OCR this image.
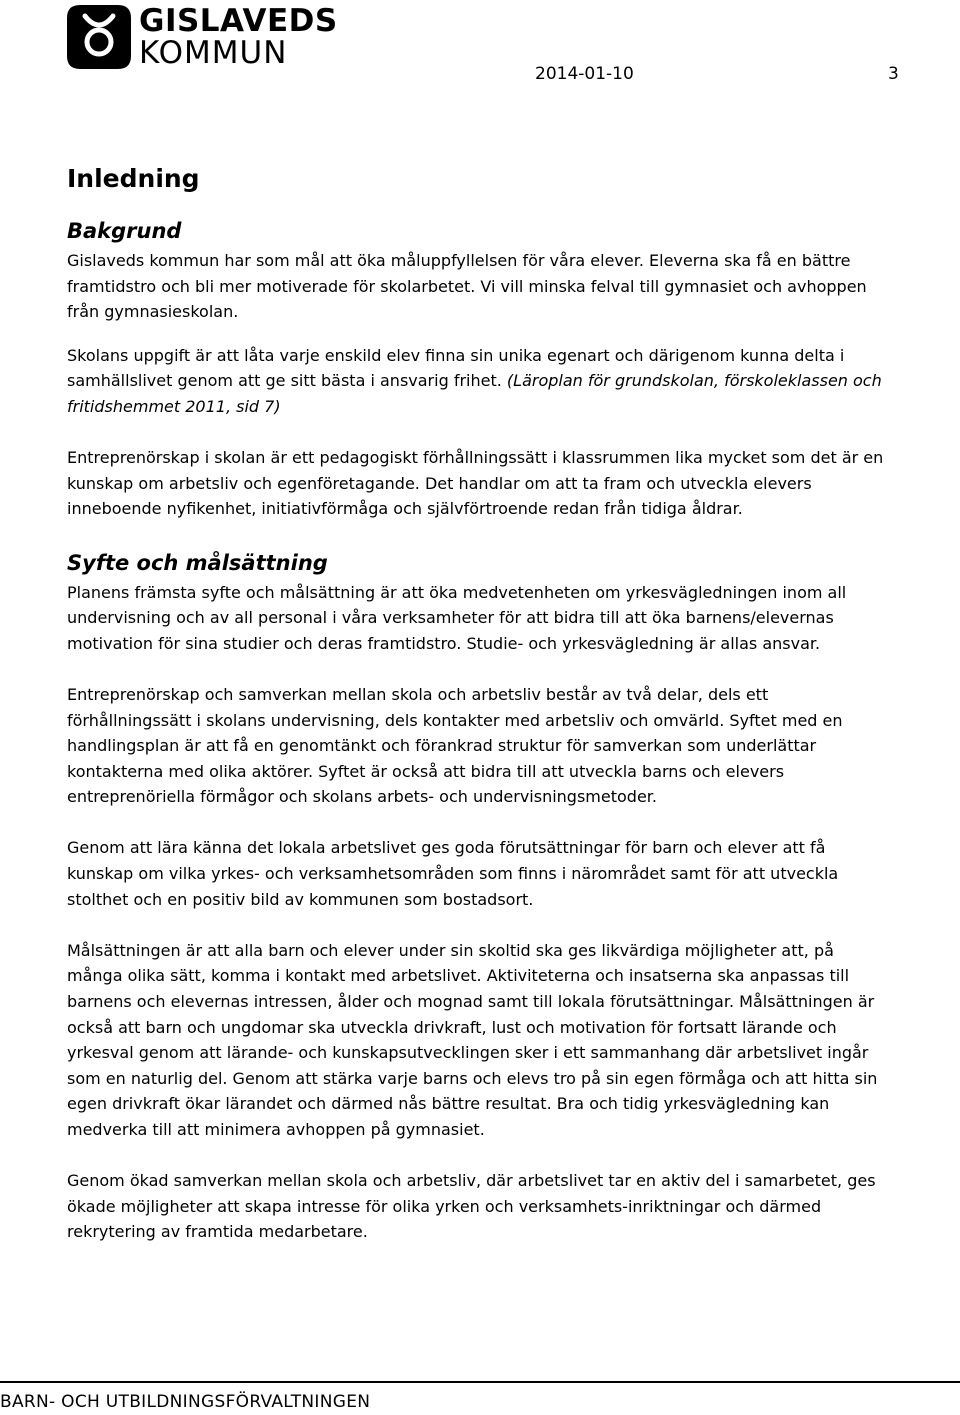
GISLAVEDS
KOMMUN
2014-01-10	3
Inledning
Bakgrund

Gislaveds kommun har som mål att öka måluppfyllelsen för våra elever. Eleverna ska få en bättre framtidstro och bli mer motiverade för skolarbetet. Vi vill minska felval till gymnasiet och avhoppen från gymnasieskolan.

Skolans uppgift är att låta varje enskild elev finna sin unika egenart och därigenom kunna delta i samhällslivet genom att ge sitt bästa i ansvarig frihet. (Läroplan för grundskolan, förskoleklassen och fritidshemmet 2011, sid 7)

Entreprenörskap i skolan är ett pedagogiskt förhållningssätt i klassrummen lika mycket som det är en kunskap om arbetsliv och egenföretagande. Det handlar om att ta fram och utveckla elevers inneboende nyfikenhet, initiativförmåga och självförtroende redan från tidiga åldrar.

Syfte och målsättning

Planens främsta syfte och målsättning är att öka medvetenheten om yrkesvägledningen inom all undervisning och av all personal i våra verksamheter för att bidra till att öka barnens/elevernas motivation för sina studier och deras framtidstro. Studie- och yrkesvägledning är allas ansvar.

Entreprenörskap och samverkan mellan skola och arbetsliv består av två delar, dels ett förhållningssätt i skolans undervisning, dels kontakter med arbetsliv och omvärld. Syftet med en handlingsplan är att få en genomtänkt och förankrad struktur för samverkan som underlättar kontakterna med olika aktörer. Syftet är också att bidra till att utveckla barns och elevers entreprenöriella förmågor och skolans arbets- och undervisningsmetoder.

Genom att lära känna det lokala arbetslivet ges goda förutsättningar för barn och elever att få kunskap om vilka yrkes- och verksamhetsområden som finns i närområdet samt för att utveckla stolthet och en positiv bild av kommunen som bostadsort.

Målsättningen är att alla barn och elever under sin skoltid ska ges likvärdiga möjligheter att, på många olika sätt, komma i kontakt med arbetslivet. Aktiviteterna och insatserna ska anpassas till barnens och elevernas intressen, ålder och mognad samt till lokala förutsättningar. Målsättningen är också att barn och ungdomar ska utveckla drivkraft, lust och motivation för fortsatt lärande och yrkesval genom att lärande- och kunskapsutvecklingen sker i ett sammanhang där arbetslivet ingår som en naturlig del. Genom att stärka varje barns och elevs tro på sin egen förmåga och att hitta sin egen drivkraft ökar lärandet och därmed nås bättre resultat. Bra och tidig yrkesvägledning kan medverka till att minimera avhoppen på gymnasiet.

Genom ökad samverkan mellan skola och arbetsliv, där arbetslivet tar en aktiv del i samarbetet, ges ökade möjligheter att skapa intresse för olika yrken och verksamhets-inriktningar och därmed rekrytering av framtida medarbetare.

BARN- OCH UTBILDNINGSFÖRVALTNINGEN
